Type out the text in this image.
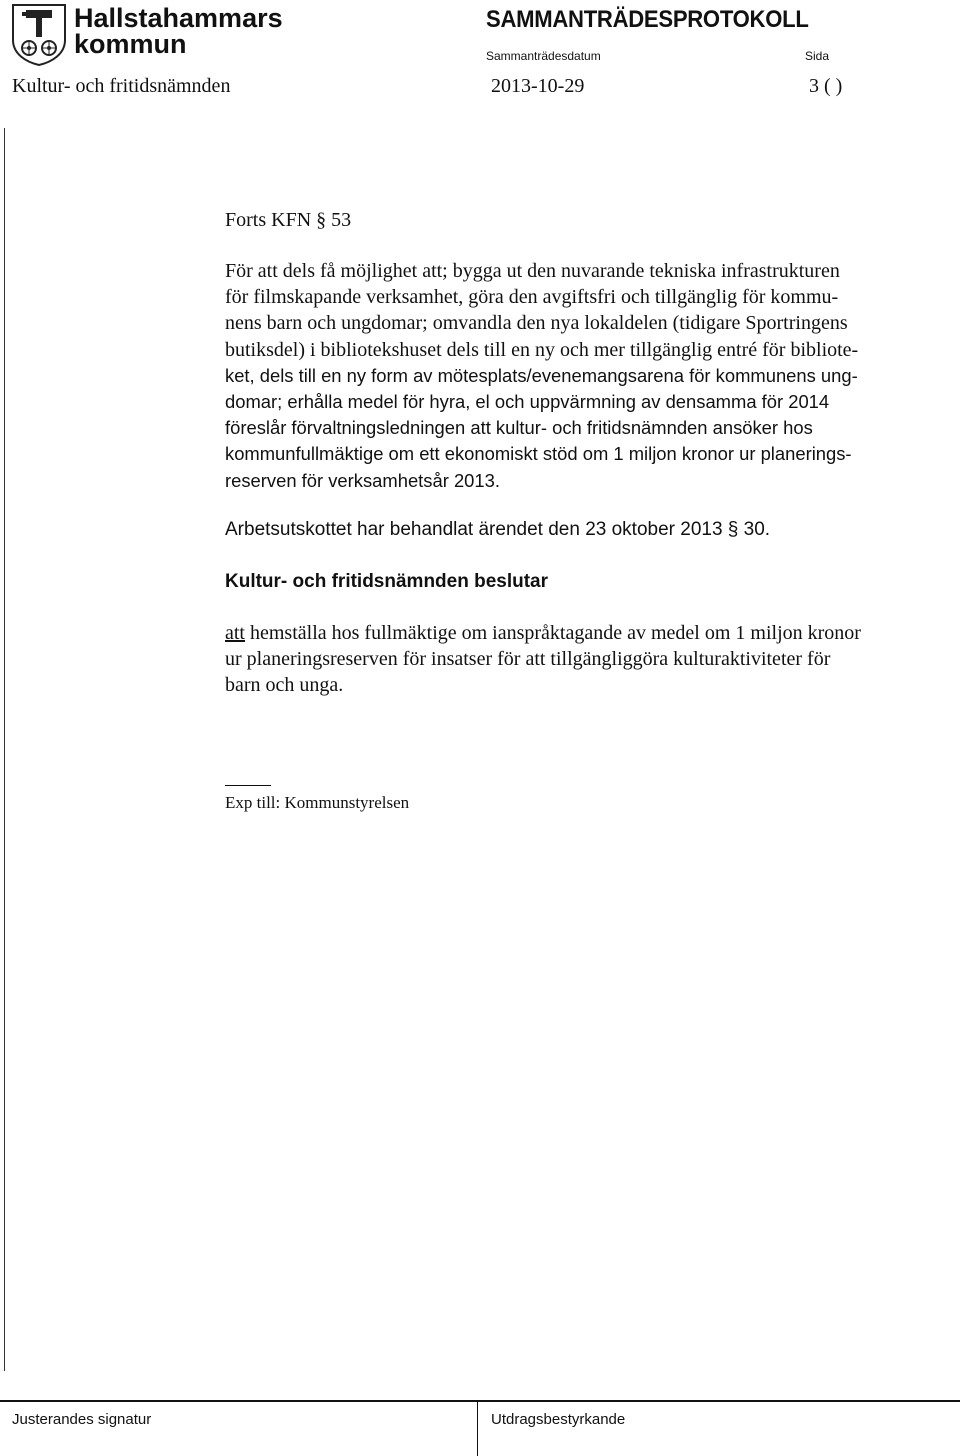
Hallstahammars
kommun
SAMMANTRÄDESPROTOKOLL
Sammanträdesdatum	Sida
Kultur- och fritidsnämnden	2013-10-29	3 ( )
Forts KFN § 53
För att dels få möjlighet att; bygga ut den nuvarande tekniska infrastrukturen
för filmskapande verksamhet, göra den avgiftsfri och tillgänglig för kommu-
nens barn och ungdomar; omvandla den nya lokaldelen (tidigare Sportringens
butiksdel) i bibliotekshuset dels till en ny och mer tillgänglig entré för bibliote-
ket, dels till en ny form av mötesplats/evenemangsarena för kommunens ung-
domar; erhålla medel för hyra, el och uppvärmning av densamma för 2014
föreslår förvaltningsledningen att kultur- och fritidsnämnden ansöker hos
kommunfullmäktige om ett ekonomiskt stöd om 1 miljon kronor ur planerings-
reserven för verksamhetsår 2013.
Arbetsutskottet har behandlat ärendet den 23 oktober 2013 § 30.
Kultur- och fritidsnämnden beslutar
att hemställa hos fullmäktige om ianspråktagande av medel om 1 miljon kronor
ur planeringsreserven för insatser för att tillgängliggöra kulturaktiviteter för
barn och unga.
Exp till: Kommunstyrelsen
Justerandes signatur	Utdragsbestyrkande
